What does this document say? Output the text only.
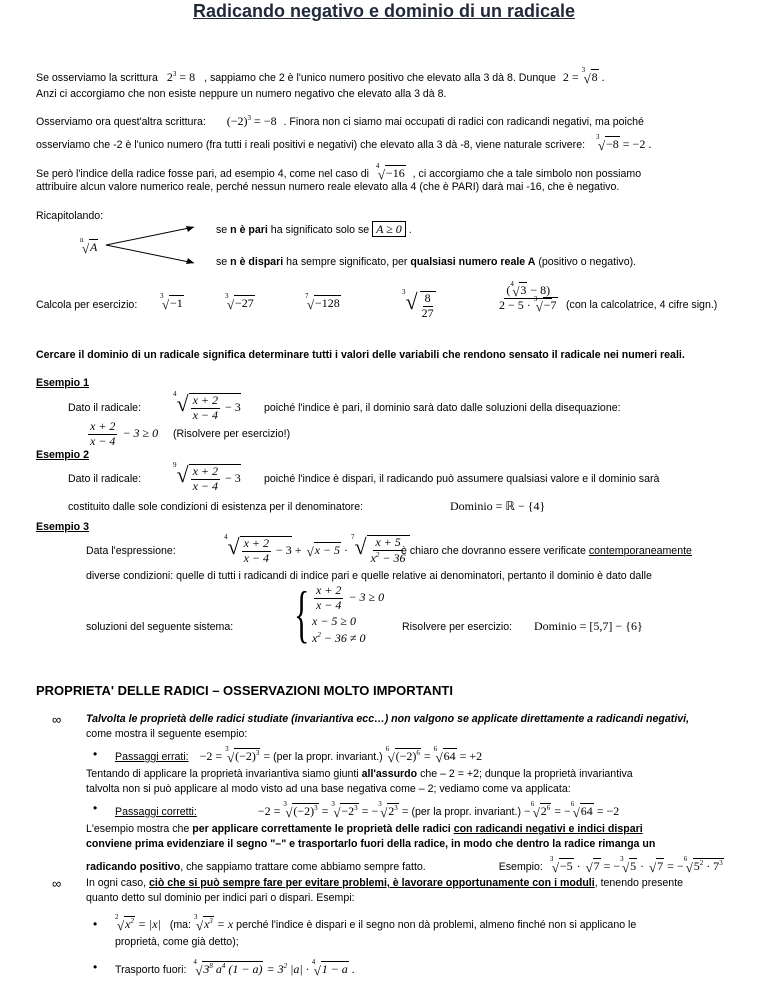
Radicando negativo e dominio di un radicale
Se osserviamo la scrittura $2^3 = 8$ , sappiamo che 2 è l'unico numero positivo che elevato alla 3 dà 8. Dunque 2 = 3
√ 8 .
Anzi ci accorgiamo che non esiste neppure un numero negativo che elevato alla 3 dà 8.
Osserviamo ora quest'altra scrittura: $(-2)^3 = -8$ . Finora non ci siamo mai occupati di radici con radicandi negativi, ma poiché
osserviamo che -2 è l'unico numero (fra tutti i reali positivi e negativi) che elevato alla 3 dà -8, viene naturale scrivere:
3
√ −8 = −2 .
Se però l'indice della radice fosse pari, ad esempio 4, come nel caso di
4
√ −16 , ci accorgiamo che a tale simbolo non possiamo
attribuire alcun valore numerico reale, perché nessun numero reale elevato alla 4 (che è PARI) darà mai -16, che è negativo.
Ricapitolando:
se n è pari ha significato solo se A ≥ 0 .
n
√ A
se n è dispari ha sempre significato, per qualsiasi numero reale A (positivo o negativo).
Calcola per esercizio:
3
√ −1	3
√ −27	7
√ −128
$^3√ \frac{8}{27}$	( 4
√ 3 − 8)
2 − 5 · 3
√ −7 (con la calcolatrice, 4 cifre sign.)
Cercare il dominio di un radicale significa determinare tutti i valori delle variabili che rendono sensato il radicale nei numeri reali.
Esempio 1
Dato il radicale:
$^4√ \frac{x + 2}{x - 4} - 3$ poiché l'indice è pari, il dominio sarà dato dalle soluzioni della disequazione:
$\frac{x + 2}{x - 4} - 3 \ge 0$ (Risolvere per esercizio!)
Esempio 2
Dato il radicale:
$^9√ \frac{x + 2}{x - 4} - 3$ poiché l'indice è dispari, il radicando può assumere qualsiasi valore e il dominio sarà
costituito dalle sole condizioni di esistenza per il denominatore:	Dominio = ℝ − {4}
Esempio 3
Data l'espressione:
$^4√ \frac{x + 2}{x - 4} - 3$ + √ $x - 5 \cdot ^7√ \frac{x + 5}{x^2 - 36}$
è chiaro che dovranno essere verificate contemporaneamente
diverse condizioni: quelle di tutti i radicandi di indice pari e quelle relative ai denominatori, pertanto il dominio è dato dalle
soluzioni del seguente sistema: { $\frac{x + 2}{x - 4} - 3 \ge 0$
x − 5 ≥ 0
$x^2 - 36 \ne 0$
Risolvere per esercizio: Dominio = [5,7] − {6}
PROPRIETA' DELLE RADICI – OSSERVAZIONI MOLTO IMPORTANTI
∞ Talvolta le proprietà delle radici studiate (invariantiva ecc…) non valgono se applicate direttamente a radicandi negativi,
come mostra il seguente esempio:
• Passaggi errati: −2 = 3
√ $(-2)^3 = (per$ la propr. invariant.)
6
√ $(-2)^6 = 6$
√ 64 = +2
Tentando di applicare la proprietà invariantiva siamo giunti all'assurdo che – 2 = +2; dunque la proprietà invariantiva
talvolta non si può applicare al modo visto ad una base negativa come – 2; vediamo come va applicata:
• Passaggi corretti:	−2 = 3
√ $(-2)^3 = 3$
√ $-2^3$ = − 3
√ $2^3 = (per$ la propr. invariant.) − 6
√ $2^6$ = − 6
√ 64 = −2
L'esempio mostra che per applicare correttamente le proprietà delle radici con radicandi negativi e indici dispari
conviene prima evidenziare il segno "–" e trasportarlo fuori della radice, in modo che dentro la radice rimanga un
radicando positivo, che sappiamo trattare come abbiamo sempre fatto.	Esempio:
3
√ −5 · √ 7 = − 3
√ 5 · √ 7 = − 6
√ $5^2 \cdot 7^3$
∞ In ogni caso, ciò che si può sempre fare per evitare problemi, è lavorare opportunamente con i moduli, tenendo presente
quanto detto sul dominio per indici pari o dispari. Esempi:
•	2
√ $x^2 = |x|$ (ma:
3
√ $x^3 = x$ perché l'indice è dispari e il segno non dà problemi, almeno finché non si applicano le
proprietà, come già detto);
• Trasporto fuori:
4
√ $3^8$ $a^4$ $(1 - a) = 3^2$ |a| · 4
√ 1 − a .
